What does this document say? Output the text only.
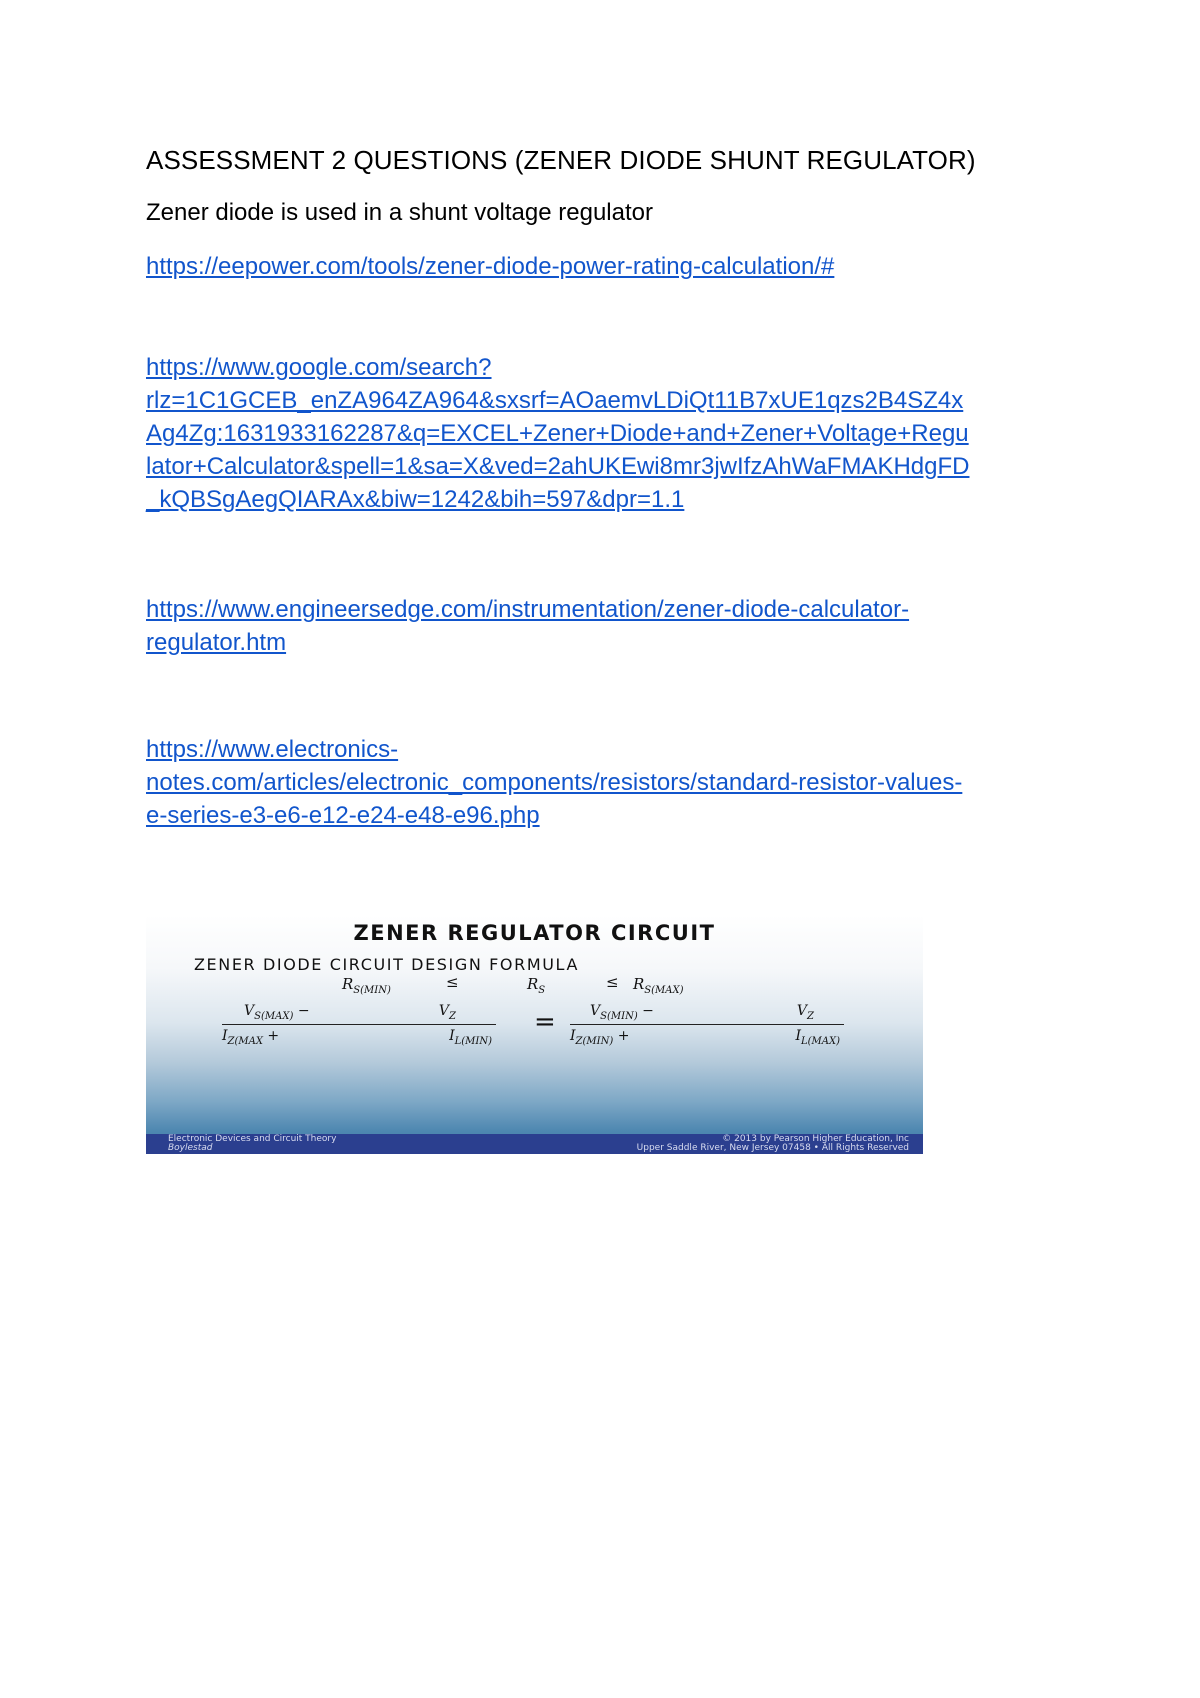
ASSESSMENT 2 QUESTIONS (ZENER DIODE SHUNT REGULATOR)
Zener diode is used in a shunt voltage regulator
https://eepower.com/tools/zener-diode-power-rating-calculation/#
https://www.google.com/search?
rlz=1C1GCEB_enZA964ZA964&sxsrf=AOaemvLDiQt11B7xUE1qzs2B4SZ4x
Ag4Zg:1631933162287&q=EXCEL+Zener+Diode+and+Zener+Voltage+Regu
lator+Calculator&spell=1&sa=X&ved=2ahUKEwi8mr3jwIfzAhWaFMAKHdgFD
_kQBSgAegQIARAx&biw=1242&bih=597&dpr=1.1
https://www.engineersedge.com/instrumentation/zener-diode-calculator-
regulator.htm
https://www.electronics-
notes.com/articles/electronic_components/resistors/standard-resistor-values-
e-series-e3-e6-e12-e24-e48-e96.php
ZENER REGULATOR CIRCUIT
ZENER DIODE CIRCUIT DESIGN FORMULA
$R_{S(MIN)}$	≤	$R_S$	≤ $R_{S(MAX)}$
$V_{S(MAX)}$ −	$V_Z$
$I_{Z(MAX}$ +	$I_{L(MIN)}$
=	$V_{S(MIN)}$ −	$V_Z$
$I_{Z(MIN)}$ +	$I_{L(MAX)}$
Electronic Devices and Circuit Theory
Boylestad
© 2013 by Pearson Higher Education, Inc
Upper Saddle River, New Jersey 07458 • All Rights Reserved
